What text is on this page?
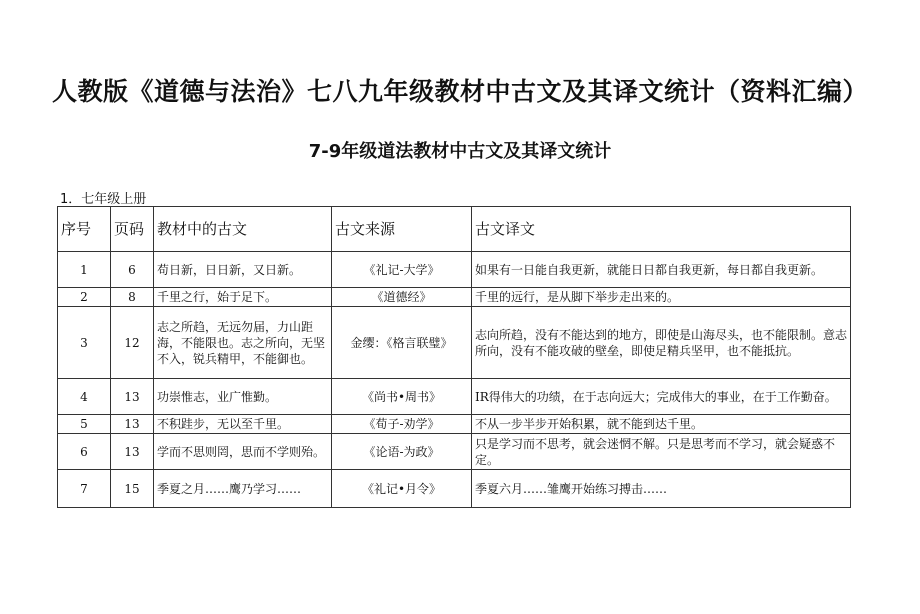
人教版《道德与法治》七八九年级教材中古文及其译文统计（资料汇编）
7-9年级道法教材中古文及其译文统计
1．七年级上册
序号	页码	教材中的古文	古文来源	古文译文
1	6	苟日新，日日新，又日新。	《礼记-大学》	如果有一日能自我更新，就能日日都自我更新，每日都自我更新。
2	8	千里之行，始于足下。	《道德经》	千里的远行，是从脚下举步走出来的。
3	12	志之所趋，无远勿届，力山距海，不能限也。志之所向，无坚不入，锐兵精甲，不能御也。	金缨：《格言联璧》	志向所趋，没有不能达到的地方，即使是山海尽头，也不能限制。意志所向，没有不能攻破的壁垒，即使足精兵坚甲，也不能抵抗。
4	13	功崇惟志，业广惟勤。	《尚书•周书》	IR得伟大的功绩，在于志向远大；完成伟大的事业，在于工作勤奋。
5	13	不积跬步，无以至千里。	《荀子-劝学》	不从一步半步开始积累，就不能到达千里。
6	13	学而不思则罔，思而不学则殆。	《论语-为政》	只是学习而不思考，就会迷惘不解。只是思考而不学习，就会疑惑不定。
7	15	季夏之月……鹰乃学习……	《礼记•月令》	季夏六月……雏鹰开始练习搏击……
